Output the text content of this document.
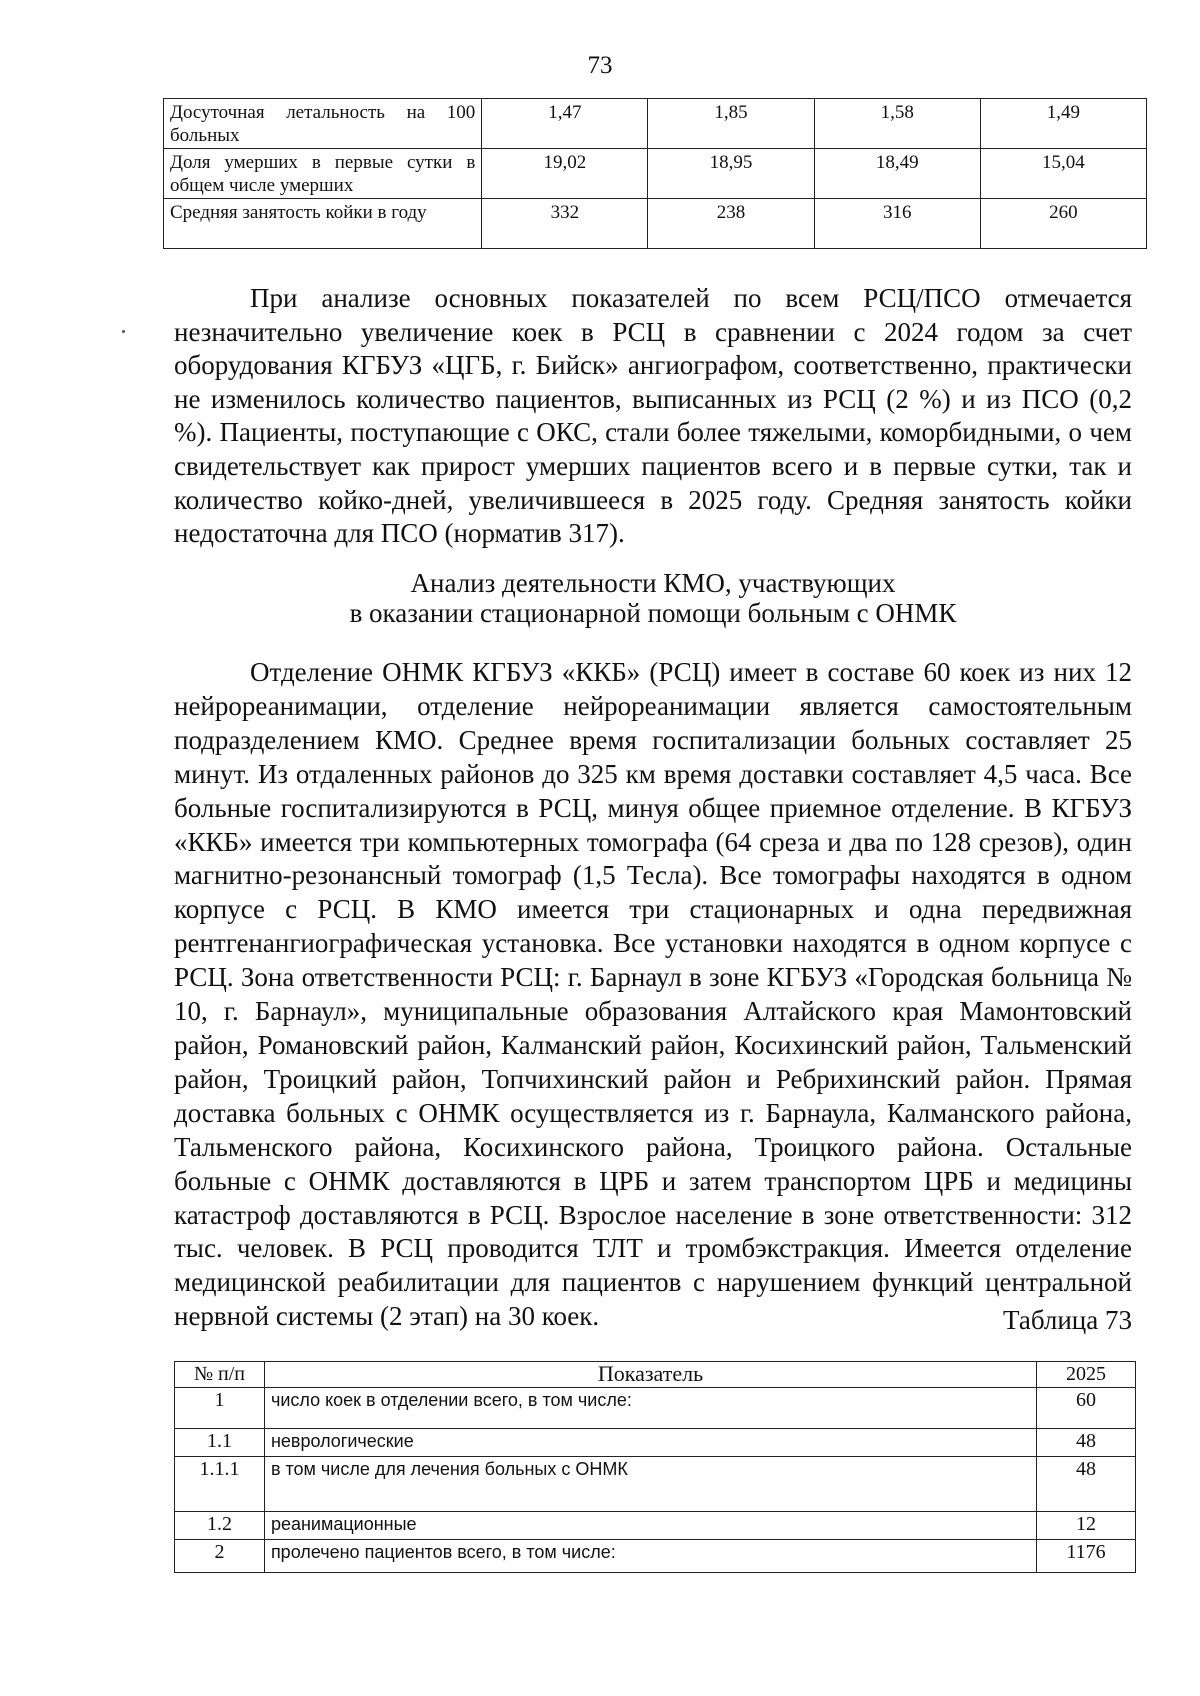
73
Досуточная летальность на 100 больных	1,47	1,85	1,58	1,49
Доля умерших в первые сутки в общем числе умерших	19,02	18,95	18,49	15,04
Средняя занятость койки в году	332	238	316	260

При анализе основных показателей по всем РСЦ/ПСО отмечается незначительно увеличение коек в РСЦ в сравнении с 2024 годом за счет оборудования КГБУЗ «ЦГБ, г. Бийск» ангиографом, соответственно, практически не изменилось количество пациентов, выписанных из РСЦ (2 %) и из ПСО (0,2 %). Пациенты, поступающие с ОКС, стали более тяжелыми, коморбидными, о чем свидетельствует как прирост умерших пациентов всего и в первые сутки, так и количество койко-дней, увеличившееся в 2025 году. Средняя занятость койки недостаточна для ПСО (норматив 317).

Анализ деятельности КМО, участвующих
в оказании стационарной помощи больным с ОНМК

Отделение ОНМК КГБУЗ «ККБ» (РСЦ) имеет в составе 60 коек из них 12 нейрореанимации, отделение нейрореанимации является самостоятельным подразделением КМО. Среднее время госпитализации больных составляет 25 минут. Из отдаленных районов до 325 км время доставки составляет 4,5 часа. Все больные госпитализируются в РСЦ, минуя общее приемное отделение. В КГБУЗ «ККБ» имеется три компьютерных томографа (64 среза и два по 128 срезов), один магнитно-резонансный томограф (1,5 Тесла). Все томографы находятся в одном корпусе с РСЦ. В КМО имеется три стационарных и одна передвижная рентгенангиографическая установка. Все установки находятся в одном корпусе с РСЦ. Зона ответственности РСЦ: г. Барнаул в зоне КГБУЗ «Городская больница № 10, г. Барнаул», муниципальные образования Алтайского края Мамонтовский район, Романовский район, Калманский район, Косихинский район, Тальменский район, Троицкий район, Топчихинский район и Ребрихинский район. Прямая доставка больных с ОНМК осуществляется из г. Барнаула, Калманского района, Тальменского района, Косихинского района, Троицкого района. Остальные больные с ОНМК доставляются в ЦРБ и затем транспортом ЦРБ и медицины катастроф доставляются в РСЦ. Взрослое население в зоне ответственности: 312 тыс. человек. В РСЦ проводится ТЛТ и тромбэкстракция. Имеется отделение медицинской реабилитации для пациентов с нарушением функций центральной нервной системы (2 этап) на 30 коек.	Таблица 73
№ п/п	Показатель	2025
1	число коек в отделении всего, в том числе:	60
1.1	неврологические	48
1.1.1	в том числе для лечения больных с ОНМК	48
1.2	реанимационные	12
2	пролечено пациентов всего, в том числе:	1176
